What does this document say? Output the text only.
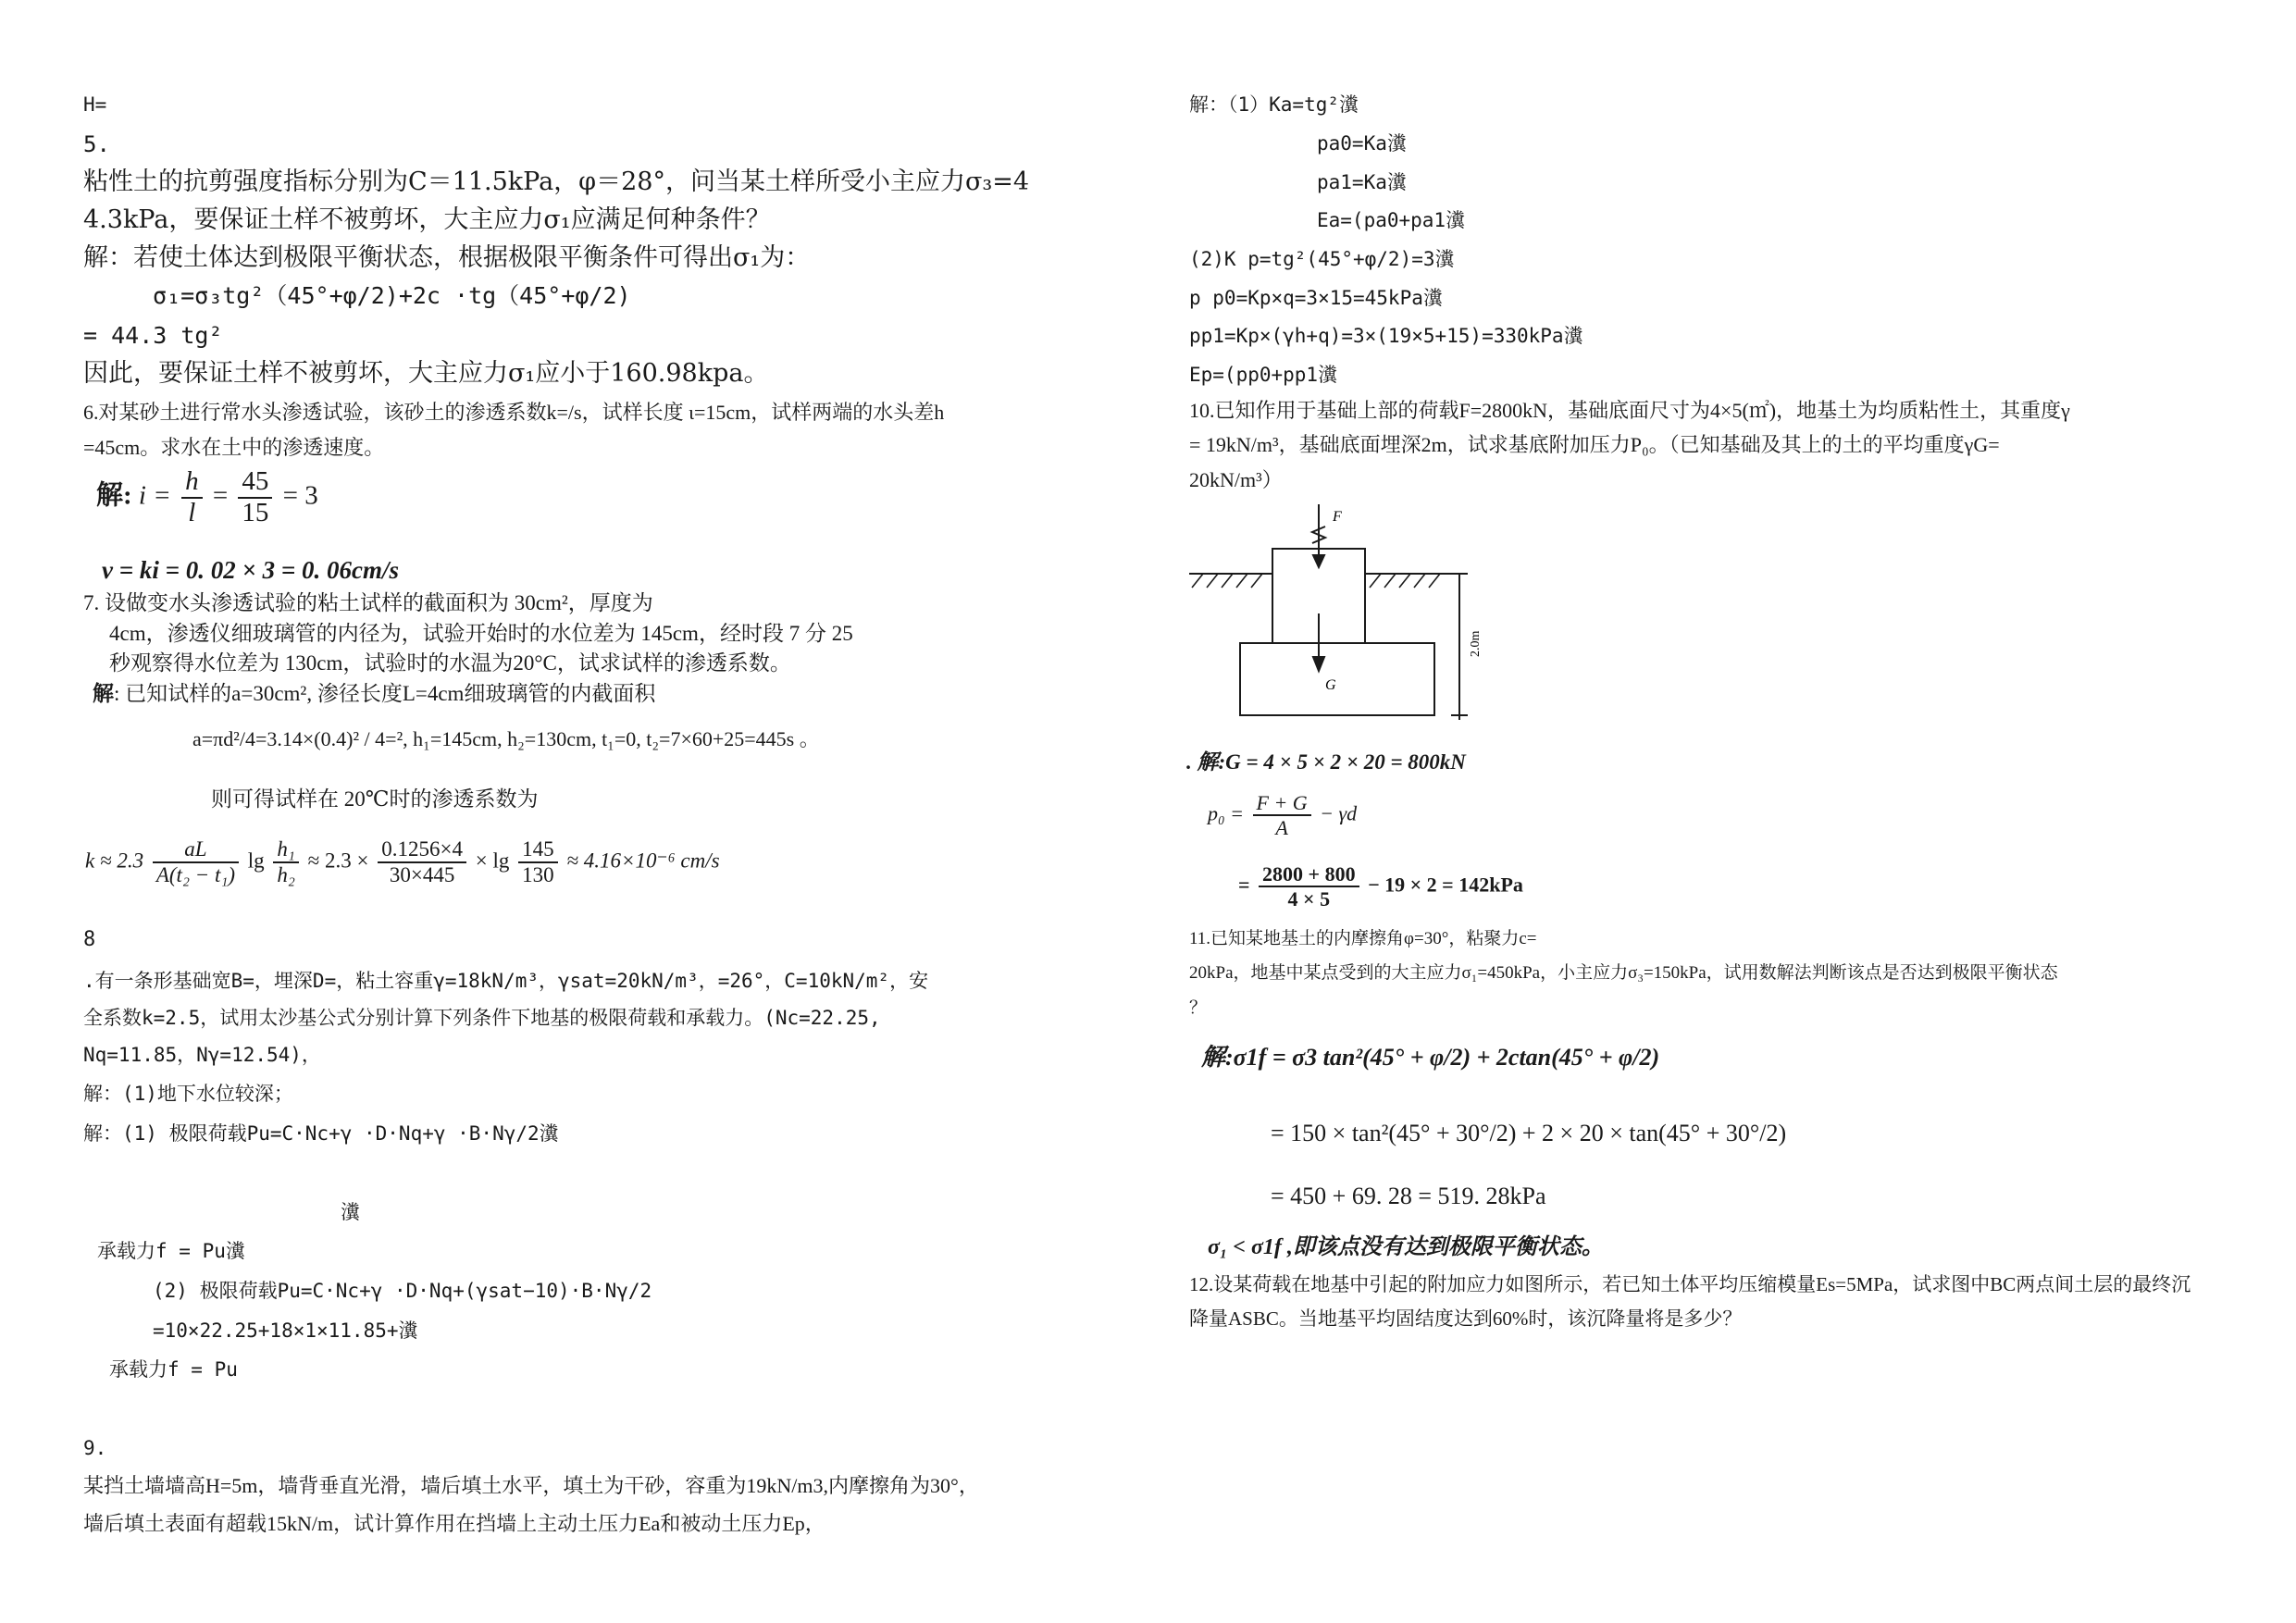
H=
5.
粘性土的抗剪强度指标分别为C＝11.5kPa，φ＝28°，问当某土样所受小主应力σ₃=4
4.3kPa，要保证土样不被剪坏，大主应力σ₁应满足何种条件？
解：若使土体达到极限平衡状态，根据极限平衡条件可得出σ₁为：
σ₁=σ₃tg²（45°+φ/2)+2c ·tg（45°+φ/2)
= 44.3 tg²
因此，要保证土样不被剪坏，大主应力σ₁应小于160.98kpa。
6.对某砂土进行常水头渗透试验，该砂土的渗透系数k=/s，试样长度 ι=15cm，试样两端的水头差h
=45cm。求水在土中的渗透速度。
解: $i = \frac{h}{l} = \frac{45}{15} = 3$
v = ki = 0. 02 × 3 = 0. 06cm/s
7. 设做变水头渗透试验的粘土试样的截面积为 30cm²，厚度为
4cm，渗透仪细玻璃管的内径为，试验开始时的水位差为 145cm，经时段 7 分 25
秒观察得水位差为 130cm，试验时的水温为20°C，试求试样的渗透系数。
解: 已知试样的a=30cm², 渗径长度L=4cm细玻璃管的内截面积
a=πd²/4=3.14×(0.4)² / 4=², h₁=145cm, h₂=130cm, t₁=0, t₂=7×60+25=445s 。
则可得试样在 20℃时的渗透系数为
$k \approx 2.3 \frac{aL}{\text{A(t₂ − t₁)}}$ $\lg \frac{\text{h₁}}{\text{h₂}} \approx 2.3 \times \frac{0.1256\times 4}{30\times 445} \times \lg \frac{145}{130} \approx 4.16\times 10^{-6}$ cm/s
8
.有一条形基础宽B=，埋深D=，粘土容重γ=18kN/m³，γsat=20kN/m³，=26°，C=10kN/m²，安
全系数k=2.5，试用太沙基公式分别计算下列条件下地基的极限荷载和承载力。(Nc=22.25,
Nq=11.85，Nγ=12.54)，
解：(1)地下水位较深；
解：(1) 极限荷载Pu=C·Nc+γ ·D·Nq+γ ·B·Nγ/2瀵
瀵
承载力f = Pu瀵
(2) 极限荷载Pu=C·Nc+γ ·D·Nq+(γsat−10)·B·Nγ/2
=10×22.25+18×1×11.85+瀵
承载力f = Pu
9.
某挡土墙墙高H=5m，墙背垂直光滑，墙后填土水平，填土为干砂，容重为19kN/m3,内摩擦角为30°，
墙后填土表面有超载15kN/m，试计算作用在挡墙上主动土压力Ea和被动土压力Ep，
解：（1）Ka=tg²瀵
pa0=Ka瀵
pa1=Ka瀵
Ea=(pa0+pa1瀵
(2)K p=tg²(45°+φ/2)=3瀵
p p0=Kp×q=3×15=45kPa瀵
pp1=Kp×(γh+q)=3×(19×5+15)=330kPa瀵
Ep=(pp0+pp1瀵
10.已知作用于基础上部的荷载F=2800kN，基础底面尺寸为4×5(㎡)，地基土为均质粘性土，其重度γ
= 19kN/m³，基础底面埋深2m，试求基底附加压力P₀。（已知基础及其上的土的平均重度γG=
20kN/m³）
F
G
2.0m
. 解:G = 4 × 5 × 2 × 20 = 800kN
$p_0 = \frac{F + G}{A} - \gamma d$
= $\frac{2800 + 800}{4 \times 5} - 19 \times 2 = 142kPa$
11.已知某地基土的内摩擦角φ=30°，粘聚力c=
20kPa，地基中某点受到的大主应力σ₁=450kPa，小主应力σ₃=150kPa，试用数解法判断该点是否达到极限平衡状态
？
解:σ1f = σ3 tan²(45° + φ/2) + 2ctan(45° + φ/2)
= 150 × tan²(45° + 30°/2) + 2 × 20 × tan(45° + 30°/2)
= 450 + 69. 28 = 519. 28kPa
σ₁ < σ1f ,即该点没有达到极限平衡状态。
12.设某荷载在地基中引起的附加应力如图所示，若已知土体平均压缩模量Es=5MPa，试求图中BC两点间土层的最终沉
降量ASBC。当地基平均固结度达到60%时，该沉降量将是多少？
